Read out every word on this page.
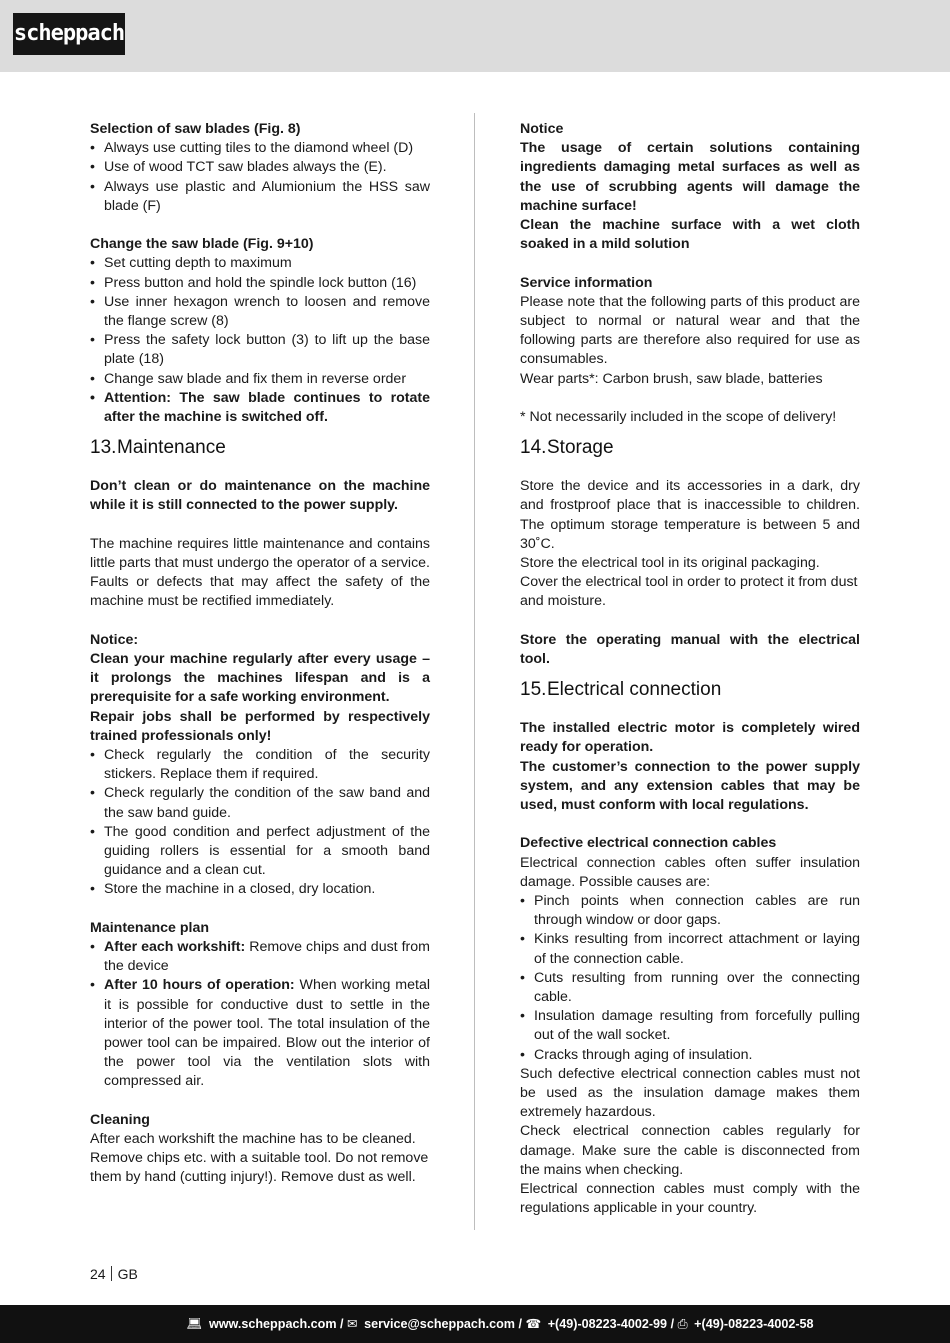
scheppach

Selection of saw blades (Fig. 8)

• Always use cutting tiles to the diamond wheel (D)
• Use of wood TCT saw blades always the (E).
• Always use plastic and Alumionium the HSS saw blade (F)

Change the saw blade (Fig. 9+10)

• Set cutting depth to maximum
• Press button and hold the spindle lock button (16)
• Use inner hexagon wrench to loosen and remove the flange screw (8)
• Press the safety lock button (3) to lift up the base plate (18)
• Change saw blade and fix them in reverse order
• Attention: The saw blade continues to rotate after the machine is switched off.
13.Maintenance

Don’t clean or do maintenance on the machine while it is still connected to the power supply.

The machine requires little maintenance and contains little parts that must undergo the operator of a service. Faults or defects that may affect the safety of the machine must be rectified immediately.

Notice:

Clean your machine regularly after every usage – it prolongs the machines lifespan and is a prerequisite for a safe working environment.

Repair jobs shall be performed by respectively trained professionals only!

• Check regularly the condition of the security stickers. Replace them if required.
• Check regularly the condition of the saw band and the saw band guide.
• The good condition and perfect adjustment of the guiding rollers is essential for a smooth band guidance and a clean cut.
• Store the machine in a closed, dry location.

Maintenance plan

• After each workshift: Remove chips and dust from the device
• After 10 hours of operation: When working metal it is possible for conductive dust to settle in the interior of the power tool. The total insulation of the power tool can be impaired. Blow out the interior of the power tool via the ventilation slots with compressed air.

Cleaning

After each workshift the machine has to be cleaned. Remove chips etc. with a suitable tool. Do not remove them by hand (cutting injury!). Remove dust as well.

Notice

The usage of certain solutions containing ingredients damaging metal surfaces as well as the use of scrubbing agents will damage the machine surface!

Clean the machine surface with a wet cloth soaked in a mild solution

Service information

Please note that the following parts of this product are subject to normal or natural wear and that the following parts are therefore also required for use as consumables.

Wear parts*: Carbon brush, saw blade, batteries

* Not necessarily included in the scope of delivery!

14.Storage

Store the device and its accessories in a dark, dry and frostproof place that is inaccessible to children. The optimum storage temperature is between 5 and 30˚C.

Store the electrical tool in its original packaging.

Cover the electrical tool in order to protect it from dust and moisture.

Store the operating manual with the electrical tool.

15.Electrical connection

The installed electric motor is completely wired ready for operation.

The customer’s connection to the power supply system, and any extension cables that may be used, must conform with local regulations.

Defective electrical connection cables

Electrical connection cables often suffer insulation damage. Possible causes are:

• Pinch points when connection cables are run through window or door gaps.
• Kinks resulting from incorrect attachment or laying of the connection cable.
• Cuts resulting from running over the connecting cable.
• Insulation damage resulting from forcefully pulling out of the wall socket.
• Cracks through aging of insulation.

Such defective electrical connection cables must not be used as the insulation damage makes them extremely hazardous.

Check electrical connection cables regularly for damage. Make sure the cable is disconnected from the mains when checking.

Electrical connection cables must comply with the regulations applicable in your country.

24 GB
💻︎ www.scheppach.com / ✉︎ service@scheppach.com / ☎︎ +(49)-08223-4002-99 / ⎙ +(49)-08223-4002-58
